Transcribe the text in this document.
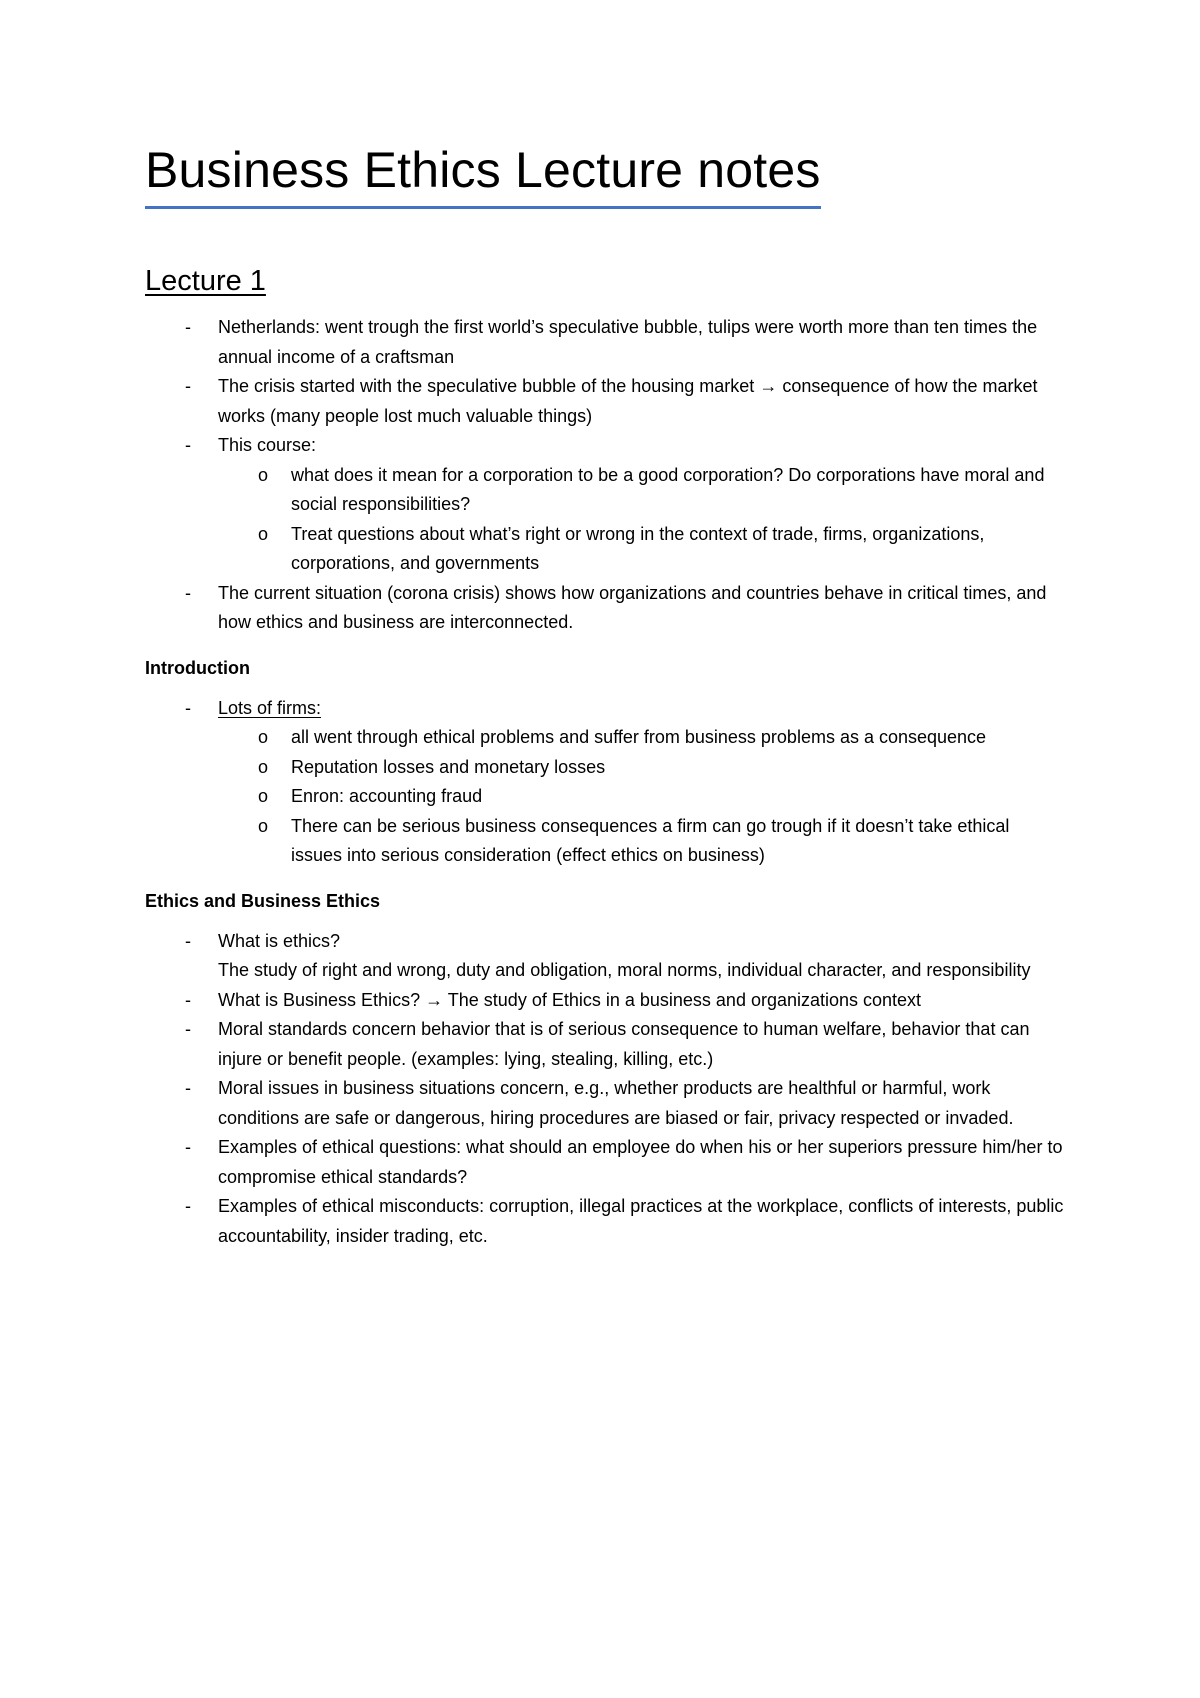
Business Ethics Lecture notes
Lecture 1
- Netherlands: went trough the first world’s speculative bubble, tulips were worth more than ten times the annual income of a craftsman
- The crisis started with the speculative bubble of the housing market → consequence of how the market works (many people lost much valuable things)
- This course:
o what does it mean for a corporation to be a good corporation? Do corporations have moral and social responsibilities?
o Treat questions about what’s right or wrong in the context of trade, firms, organizations, corporations, and governments
- The current situation (corona crisis) shows how organizations and countries behave in critical times, and how ethics and business are interconnected.
Introduction
- Lots of firms:
o all went through ethical problems and suffer from business problems as a consequence
o Reputation losses and monetary losses
o Enron: accounting fraud
o There can be serious business consequences a firm can go trough if it doesn’t take ethical issues into serious consideration (effect ethics on business)
Ethics and Business Ethics
- What is ethics?
The study of right and wrong, duty and obligation, moral norms, individual character, and responsibility
- What is Business Ethics? → The study of Ethics in a business and organizations context
- Moral standards concern behavior that is of serious consequence to human welfare, behavior that can injure or benefit people. (examples: lying, stealing, killing, etc.)
- Moral issues in business situations concern, e.g., whether products are healthful or harmful, work conditions are safe or dangerous, hiring procedures are biased or fair, privacy respected or invaded.
- Examples of ethical questions: what should an employee do when his or her superiors pressure him/her to compromise ethical standards?
- Examples of ethical misconducts: corruption, illegal practices at the workplace, conflicts of interests, public accountability, insider trading, etc.
